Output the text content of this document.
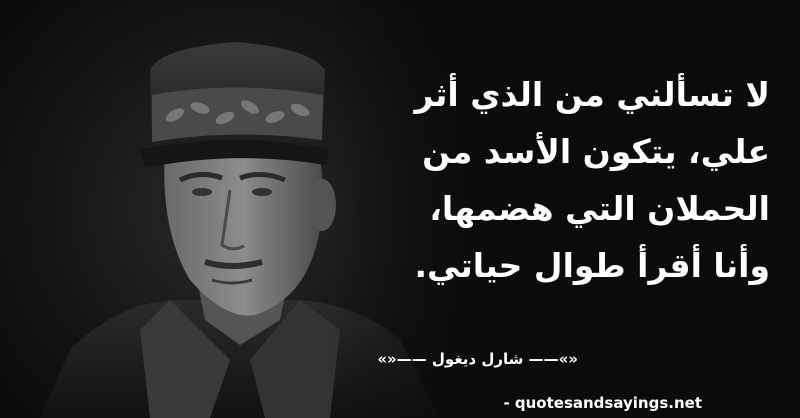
لا تسألني من الذي أثر
علي، يتكون الأسد من
الحملان التي هضمها،
وأنا أقرأ طوال حياتي.
«»—— شارل ديغول ——«»
- quotesandsayings.net
